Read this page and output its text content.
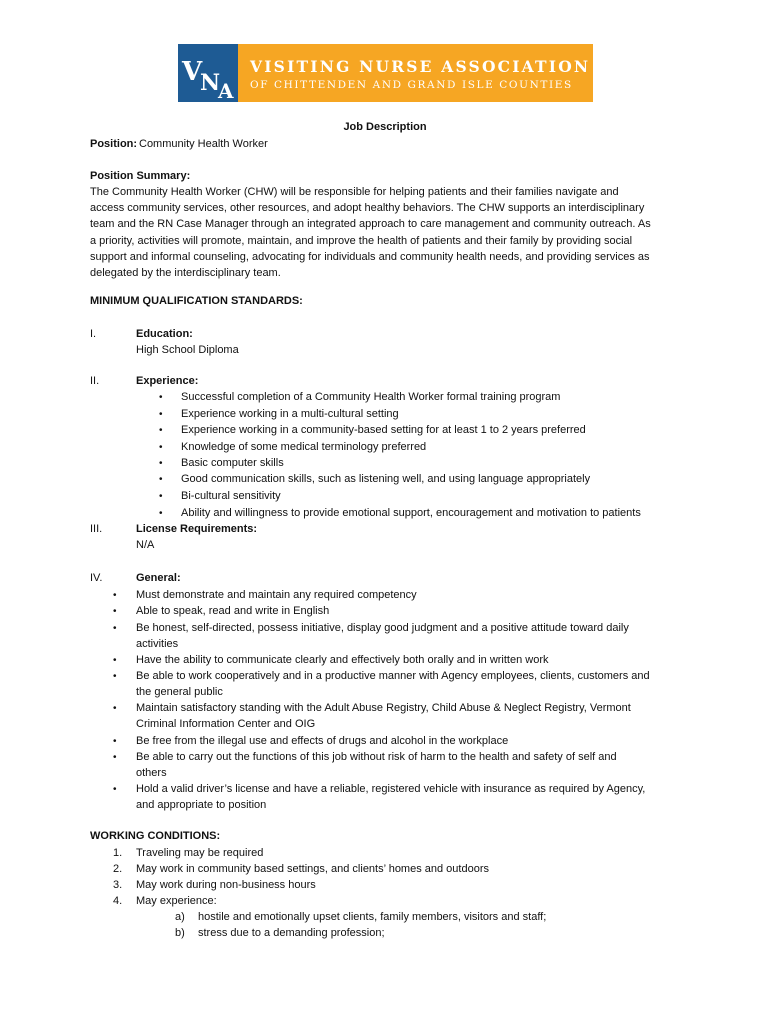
V
N
A
VISITING NURSE ASSOCIATION
OF CHITTENDEN AND GRAND ISLE COUNTIES
Job Description
Position: Community Health Worker
Position Summary:
The Community Health Worker (CHW) will be responsible for helping patients and their families navigate and
access community services, other resources, and adopt healthy behaviors. The CHW supports an interdisciplinary
team and the RN Case Manager through an integrated approach to care management and community outreach. As
a priority, activities will promote, maintain, and improve the health of patients and their family by providing social
support and informal counseling, advocating for individuals and community health needs, and providing services as
delegated by the interdisciplinary team.
MINIMUM QUALIFICATION STANDARDS:
I.	Education:
High School Diploma
II.	Experience:
• Successful completion of a Community Health Worker formal training program
• Experience working in a multi-cultural setting
• Experience working in a community-based setting for at least 1 to 2 years preferred
• Knowledge of some medical terminology preferred
• Basic computer skills
• Good communication skills, such as listening well, and using language appropriately
• Bi-cultural sensitivity
• Ability and willingness to provide emotional support, encouragement and motivation to patients
III.	License Requirements:
N/A
IV.	General:
• Must demonstrate and maintain any required competency
• Able to speak, read and write in English
• Be honest, self-directed, possess initiative, display good judgment and a positive attitude toward daily
activities
• Have the ability to communicate clearly and effectively both orally and in written work
• Be able to work cooperatively and in a productive manner with Agency employees, clients, customers and
the general public
• Maintain satisfactory standing with the Adult Abuse Registry, Child Abuse & Neglect Registry, Vermont
Criminal Information Center and OIG
• Be free from the illegal use and effects of drugs and alcohol in the workplace
• Be able to carry out the functions of this job without risk of harm to the health and safety of self and
others
• Hold a valid driver’s license and have a reliable, registered vehicle with insurance as required by Agency,
and appropriate to position
WORKING CONDITIONS:
1. Traveling may be required
2. May work in community based settings, and clients’ homes and outdoors
3. May work during non-business hours
4. May experience:
a) hostile and emotionally upset clients, family members, visitors and staff;
b) stress due to a demanding profession;
